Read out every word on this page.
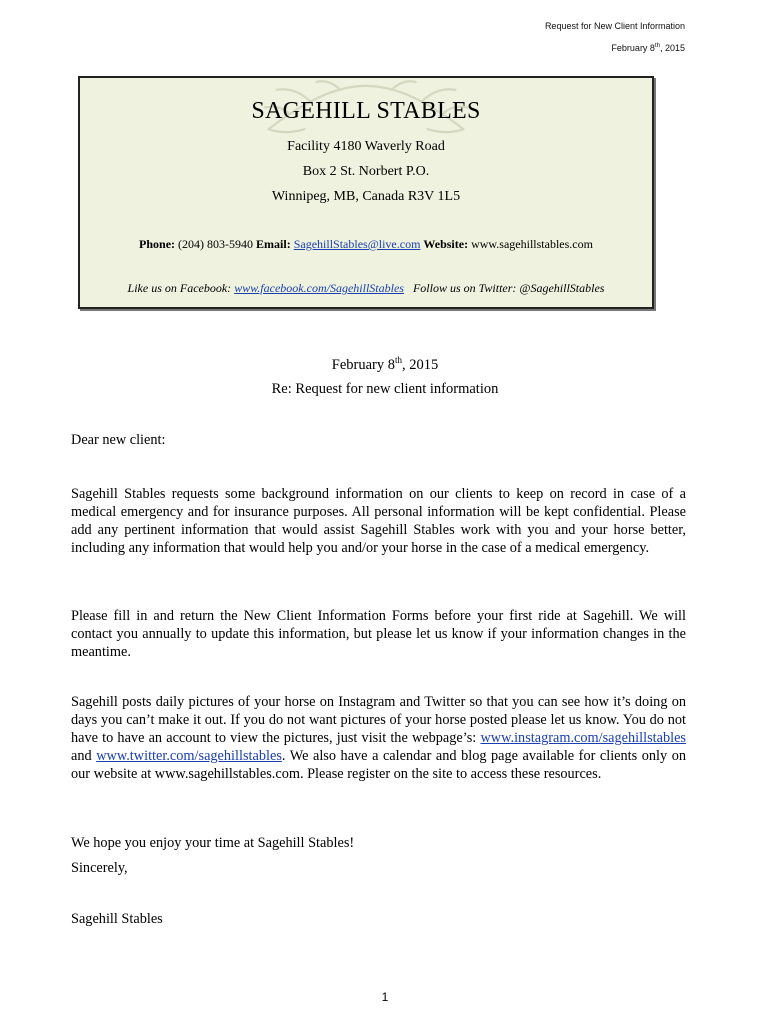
Request for New Client Information
February 8th, 2015
SAGEHILL STABLES
Facility 4180 Waverly Road
Box 2 St. Norbert P.O.
Winnipeg, MB, Canada R3V 1L5
Phone: (204) 803-5940 Email: SagehillStables@live.com Website: www.sagehillstables.com
Like us on Facebook: www.facebook.com/SagehillStables Follow us on Twitter: @SagehillStables
February 8th, 2015
Re: Request for new client information
Dear new client:
Sagehill Stables requests some background information on our clients to keep on record in case of a medical emergency and for insurance purposes. All personal information will be kept confidential. Please add any pertinent information that would assist Sagehill Stables work with you and your horse better, including any information that would help you and/or your horse in the case of a medical emergency.
Please fill in and return the New Client Information Forms before your first ride at Sagehill. We will contact you annually to update this information, but please let us know if your information changes in the meantime.
Sagehill posts daily pictures of your horse on Instagram and Twitter so that you can see how it’s doing on days you can’t make it out. If you do not want pictures of your horse posted please let us know. You do not have to have an account to view the pictures, just visit the webpage’s: www.instagram.com/sagehillstables and www.twitter.com/sagehillstables. We also have a calendar and blog page available for clients only on our website at www.sagehillstables.com. Please register on the site to access these resources.
We hope you enjoy your time at Sagehill Stables!
Sincerely,
Sagehill Stables
1
